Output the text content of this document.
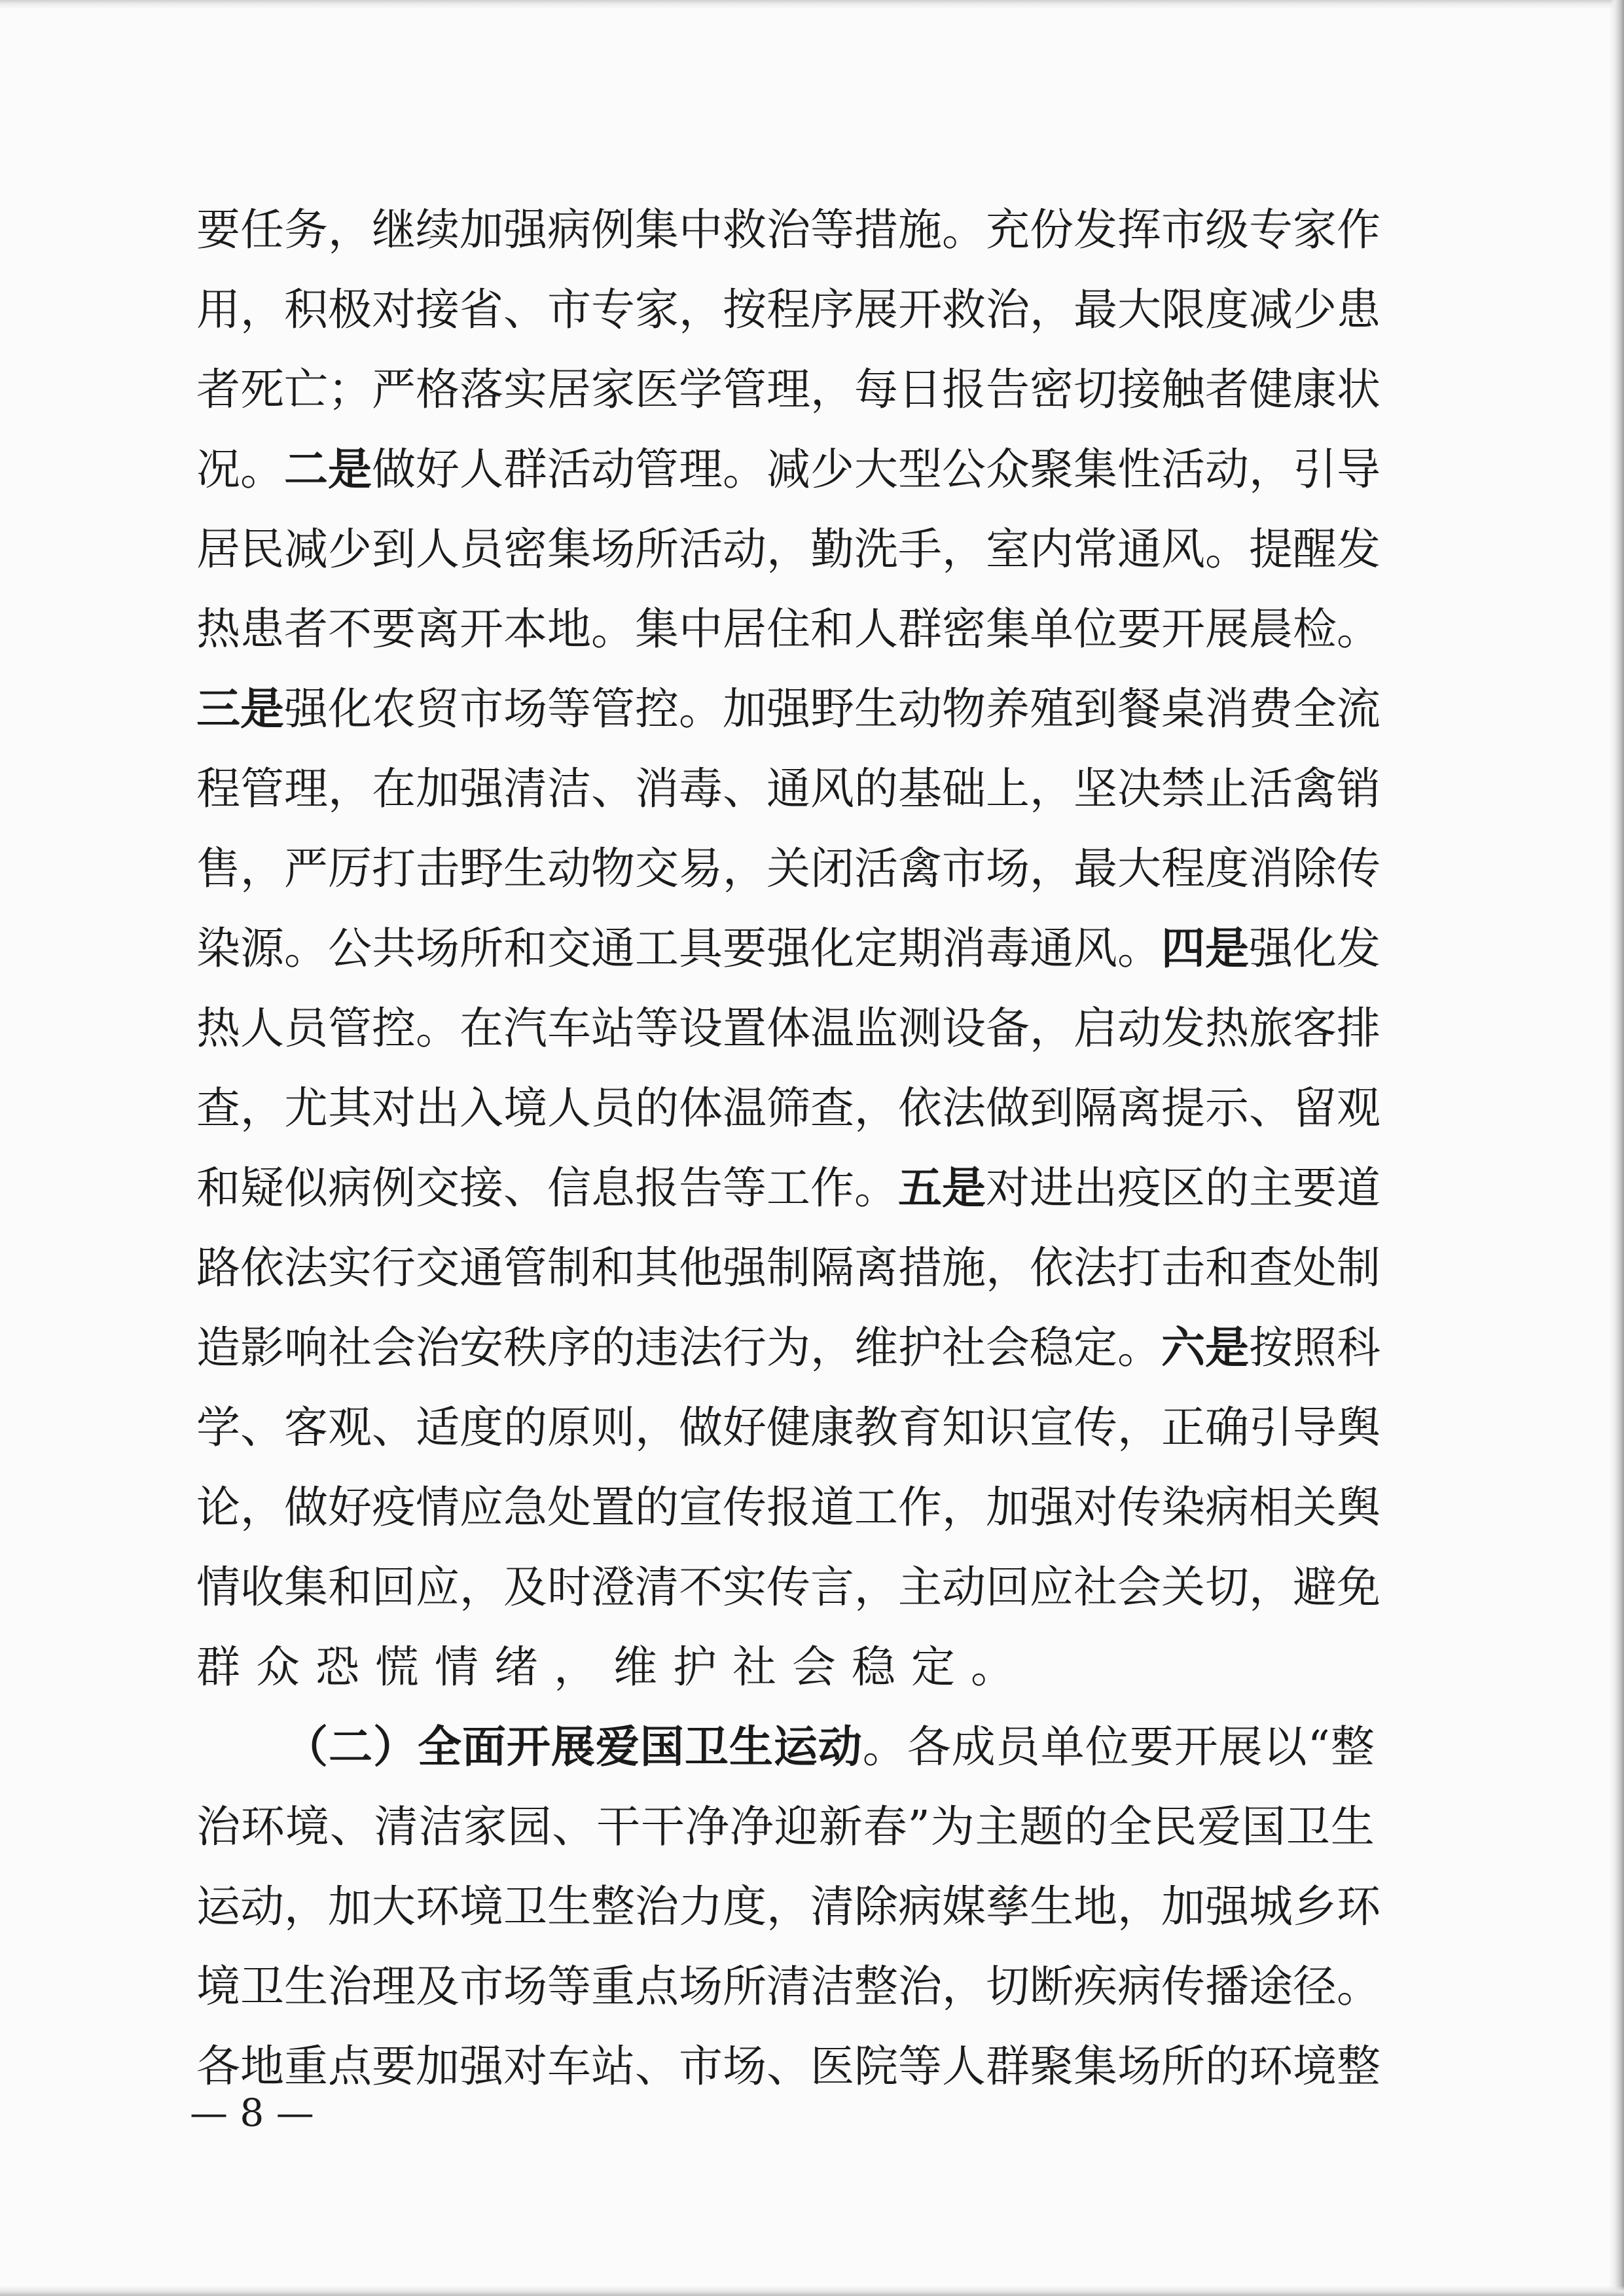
要 任 务 ， 继 续 加 强 病 例 集 中 救 治 等 措 施 。 充 份 发 挥 市 级 专 家 作
用 ， 积 极 对 接 省 、 市 专 家 ， 按 程 序 展 开 救 治 ， 最 大 限 度 减 少 患
者 死 亡 ； 严 格 落 实 居 家 医 学 管 理 ， 每 日 报 告 密 切 接 触 者 健 康 状
况 。 二 是 做 好 人 群 活 动 管 理 。 减 少 大 型 公 众 聚 集 性 活 动 ， 引 导
居 民 减 少 到 人 员 密 集 场 所 活 动 ， 勤 洗 手 ， 室 内 常 通 风 。 提 醒 发
热 患 者 不 要 离 开 本 地 。 集 中 居 住 和 人 群 密 集 单 位 要 开 展 晨 检 。
三 是 强 化 农 贸 市 场 等 管 控 。 加 强 野 生 动 物 养 殖 到 餐 桌 消 费 全 流
程 管 理 ， 在 加 强 清 洁 、 消 毒 、 通 风 的 基 础 上 ， 坚 决 禁 止 活 禽 销
售 ， 严 厉 打 击 野 生 动 物 交 易 ， 关 闭 活 禽 市 场 ， 最 大 程 度 消 除 传
染 源 。 公 共 场 所 和 交 通 工 具 要 强 化 定 期 消 毒 通 风 。 四 是 强 化 发
热 人 员 管 控 。 在 汽 车 站 等 设 置 体 温 监 测 设 备 ， 启 动 发 热 旅 客 排
查 ， 尤 其 对 出 入 境 人 员 的 体 温 筛 查 ， 依 法 做 到 隔 离 提 示 、 留 观
和 疑 似 病 例 交 接 、 信 息 报 告 等 工 作 。 五 是 对 进 出 疫 区 的 主 要 道
路 依 法 实 行 交 通 管 制 和 其 他 强 制 隔 离 措 施 ， 依 法 打 击 和 查 处 制
造 影 响 社 会 治 安 秩 序 的 违 法 行 为 ， 维 护 社 会 稳 定 。 六 是 按 照 科
学 、 客 观 、 适 度 的 原 则 ， 做 好 健 康 教 育 知 识 宣 传 ， 正 确 引 导 舆
论 ， 做 好 疫 情 应 急 处 置 的 宣 传 报 道 工 作 ， 加 强 对 传 染 病 相 关 舆
情 收 集 和 回 应 ， 及 时 澄 清 不 实 传 言 ， 主 动 回 应 社 会 关 切 ， 避 免
群 众 恐 慌 情 绪 ， 维 护 社 会 稳 定 。
（ 二 ） 全 面 开 展 爱 国 卫 生 运 动 。 各 成 员 单 位 要 开 展 以 “ 整
治 环 境 、 清 洁 家 园 、 干 干 净 净 迎 新 春 ” 为 主 题 的 全 民 爱 国 卫 生
运 动 ， 加 大 环 境 卫 生 整 治 力 度 ， 清 除 病 媒 孳 生 地 ， 加 强 城 乡 环
境 卫 生 治 理 及 市 场 等 重 点 场 所 清 洁 整 治 ， 切 断 疾 病 传 播 途 径 。
各 地 重 点 要 加 强 对 车 站 、 市 场 、 医 院 等 人 群 聚 集 场 所 的 环 境 整
— 8 —
